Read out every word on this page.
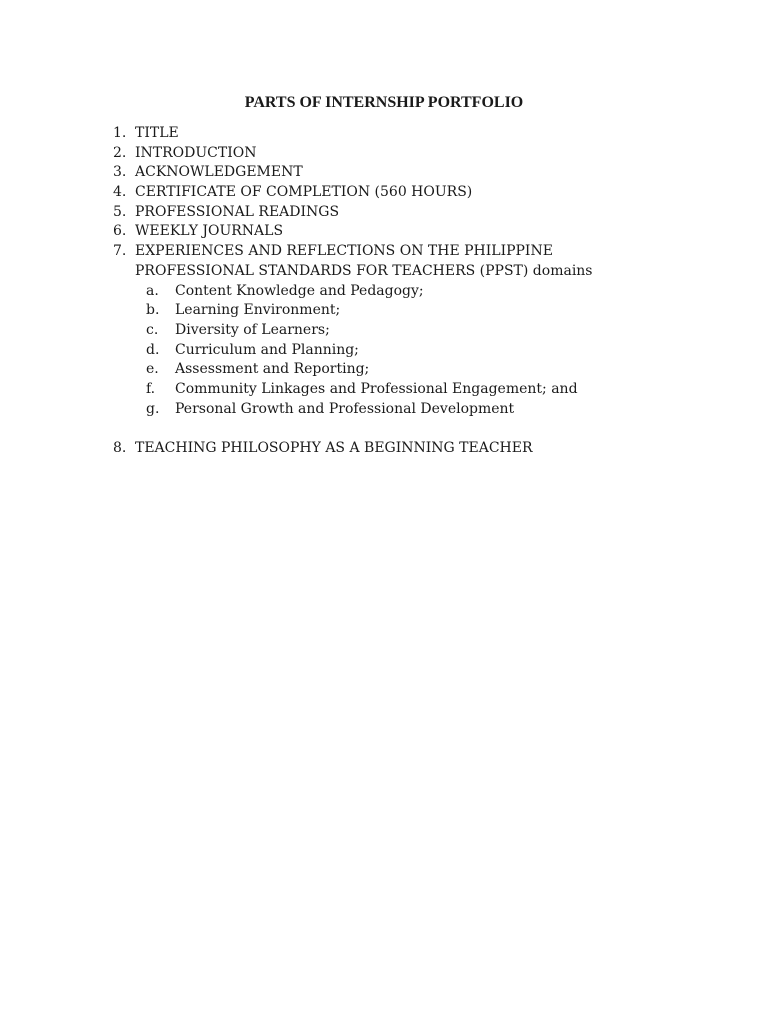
PARTS OF INTERNSHIP PORTFOLIO
1. TITLE
2. INTRODUCTION
3. ACKNOWLEDGEMENT
4. CERTIFICATE OF COMPLETION (560 HOURS)
5. PROFESSIONAL READINGS
6. WEEKLY JOURNALS
7. EXPERIENCES AND REFLECTIONS ON THE PHILIPPINE
PROFESSIONAL STANDARDS FOR TEACHERS (PPST) domains
a. Content Knowledge and Pedagogy;
b. Learning Environment;
c. Diversity of Learners;
d. Curriculum and Planning;
e. Assessment and Reporting;
f. Community Linkages and Professional Engagement; and
g. Personal Growth and Professional Development
8. TEACHING PHILOSOPHY AS A BEGINNING TEACHER
